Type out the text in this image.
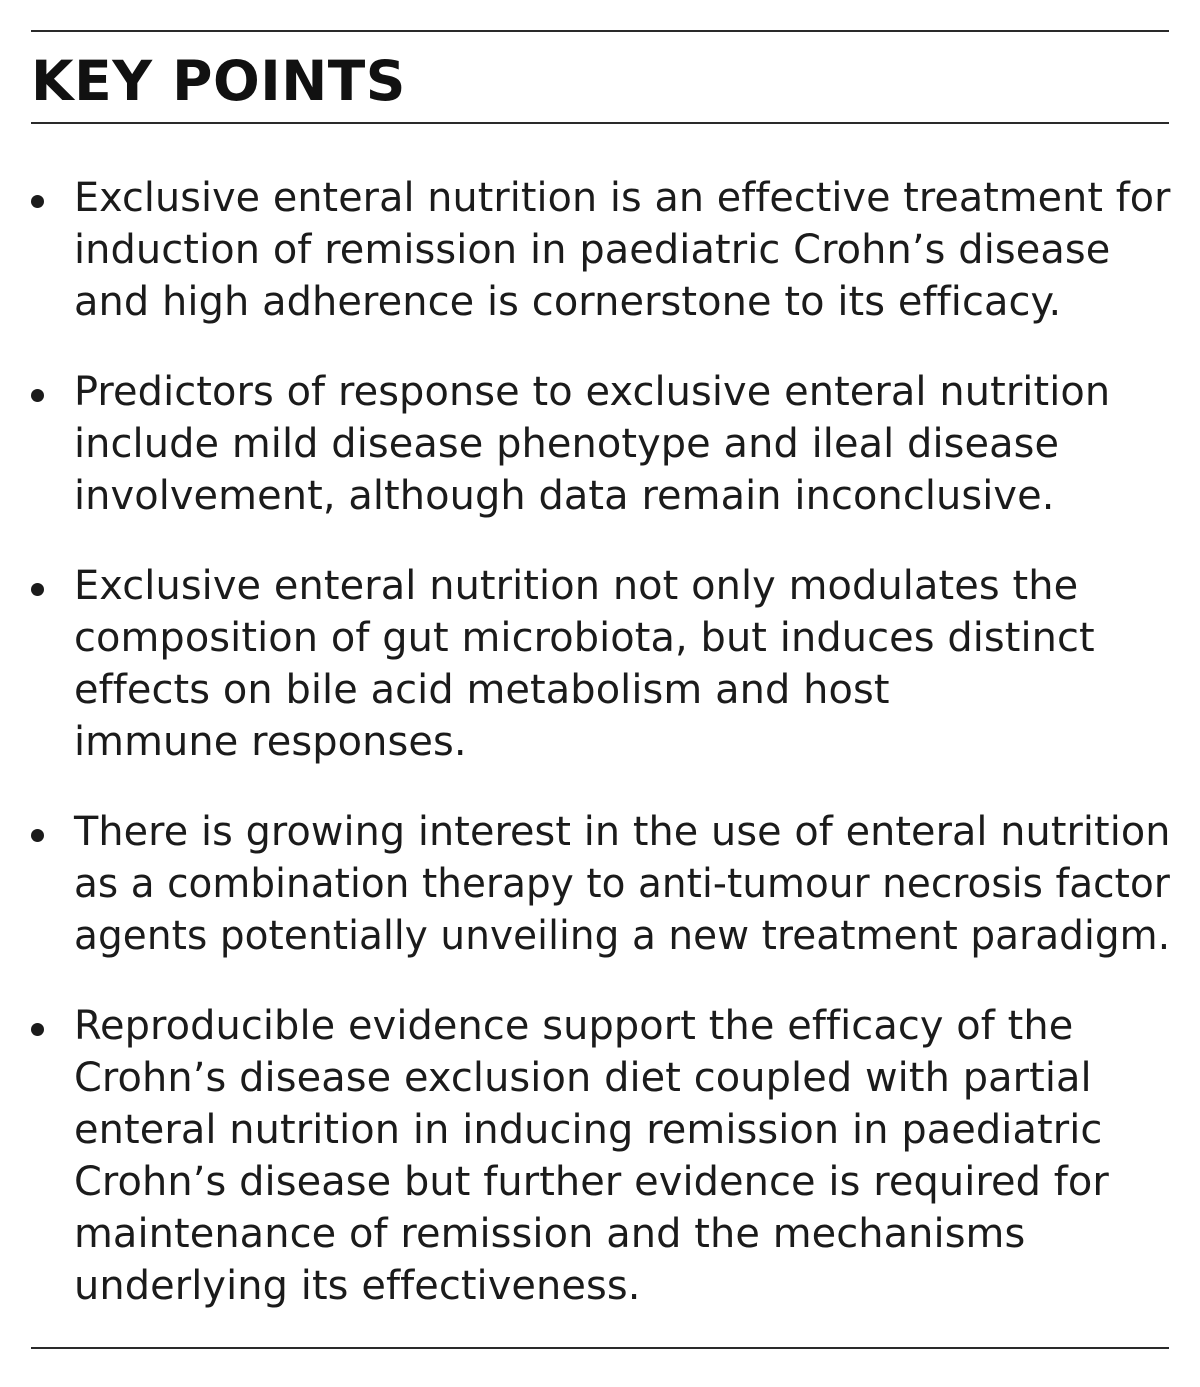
KEY POINTS
Exclusive enteral nutrition is an effective treatment for
induction of remission in paediatric Crohn’s disease
and high adherence is cornerstone to its efficacy.
Predictors of response to exclusive enteral nutrition
include mild disease phenotype and ileal disease
involvement, although data remain inconclusive.
Exclusive enteral nutrition not only modulates the
composition of gut microbiota, but induces distinct
effects on bile acid metabolism and host
immune responses.
There is growing interest in the use of enteral nutrition
as a combination therapy to anti-tumour necrosis factor
agents potentially unveiling a new treatment paradigm.
Reproducible evidence support the efficacy of the
Crohn’s disease exclusion diet coupled with partial
enteral nutrition in inducing remission in paediatric
Crohn’s disease but further evidence is required for
maintenance of remission and the mechanisms
underlying its effectiveness.
